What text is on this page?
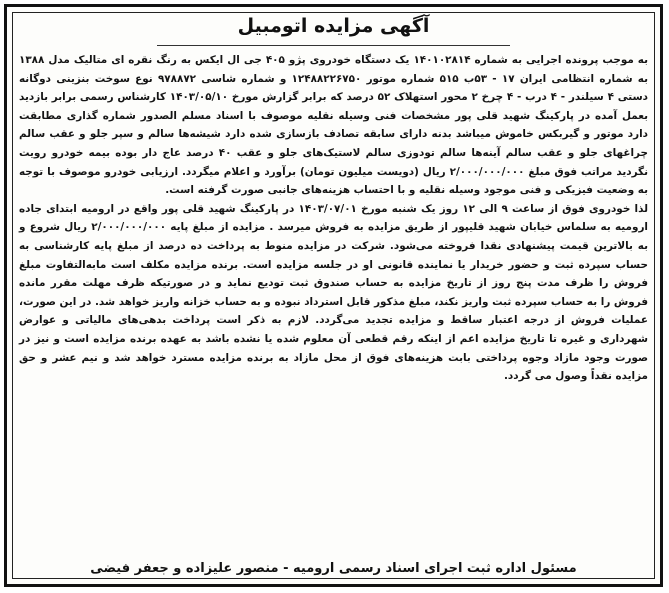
آگهی مزایده اتومبیل

به موجب پرونده اجرایی به شماره ۱۴۰۱۰۲۸۱۴ یک دستگاه خودروی پژو ۴۰۵ جی ال ایکس به رنگ نقره ای متالیک مدل ۱۳۸۸ به شماره انتظامی ایران ۱۷ - ۵۳ب ۵۱۵ شماره موتور ۱۲۴۸۸۲۲۶۷۵۰ و شماره شاسی ۹۷۸۸۷۲ نوع سوخت بنزینی دوگانه دستی ۴ سیلندر - ۴ درب - ۴ چرخ ۲ محور استهلاک ۵۲ درصد که برابر گزارش مورخ ۱۴۰۳/۰۵/۱۰ کارشناس رسمی برابر بازدید بعمل آمده در پارکینگ شهید قلی پور مشخصات فنی وسیله نقلیه موصوف با اسناد مسلم الصدور شماره گذاری مطابقت دارد موتور و گیربکس خاموش میباشد بدنه دارای سابقه تصادف بازسازی شده دارد شیشه‌ها سالم و سپر جلو و عقب سالم چراغهای جلو و عقب سالم آینه‌ها سالم تودوزی سالم لاستیک‌های جلو و عقب ۴۰ درصد عاج دار بوده بیمه خودرو رویت نگردید مراتب فوق مبلغ ۲/۰۰۰/۰۰۰/۰۰۰ ریال (دویست میلیون تومان) برآورد و اعلام میگردد. ارزیابی خودرو موصوف با توجه به وضعیت فیزیکی و فنی موجود وسیله نقلیه و با احتساب هزینه‌های جانبی صورت گرفته است.

لذا خودروی فوق از ساعت ۹ الی ۱۲ روز یک شنبه مورخ ۱۴۰۳/۰۷/۰۱ در پارکینگ شهید قلی پور واقع در ارومیه ابتدای جاده ارومیه به سلماس خیابان شهید قلیپور از طریق مزایده به فروش میرسد . مزایده از مبلغ پایه ۲/۰۰۰/۰۰۰/۰۰۰ ریال شروع و به بالاترین قیمت پیشنهادی نقدا فروخته می‌شود. شرکت در مزایده منوط به پرداخت ده درصد از مبلغ پایه کارشناسی به حساب سپرده ثبت و حضور خریدار یا نماینده قانونی او در جلسه مزایده است. برنده مزایده مکلف است مابه‌التفاوت مبلغ فروش را ظرف مدت پنج روز از تاریخ مزایده به حساب صندوق ثبت تودیع نماید و در صورتیکه ظرف مهلت مقرر مانده فروش را به حساب سپرده ثبت واریز نکند، مبلغ مذکور قابل استرداد نبوده و به حساب خزانه واریز خواهد شد. در این صورت، عملیات فروش از درجه اعتبار ساقط و مزایده تجدید می‌گردد. لازم به ذکر است پرداخت بدهی‌های مالیاتی و عوارض شهرداری و غیره تا تاریخ مزایده اعم از اینکه رقم قطعی آن معلوم شده یا نشده باشد به عهده برنده مزایده است و نیز در صورت وجود مازاد وجوه پرداختی بابت هزینه‌های فوق از محل مازاد به برنده مزایده مسترد خواهد شد و نیم عشر و حق مزایده نقداً وصول می گردد.

مسئول اداره ثبت اجرای اسناد رسمی ارومیه - منصور علیزاده و جعفر فیضی
